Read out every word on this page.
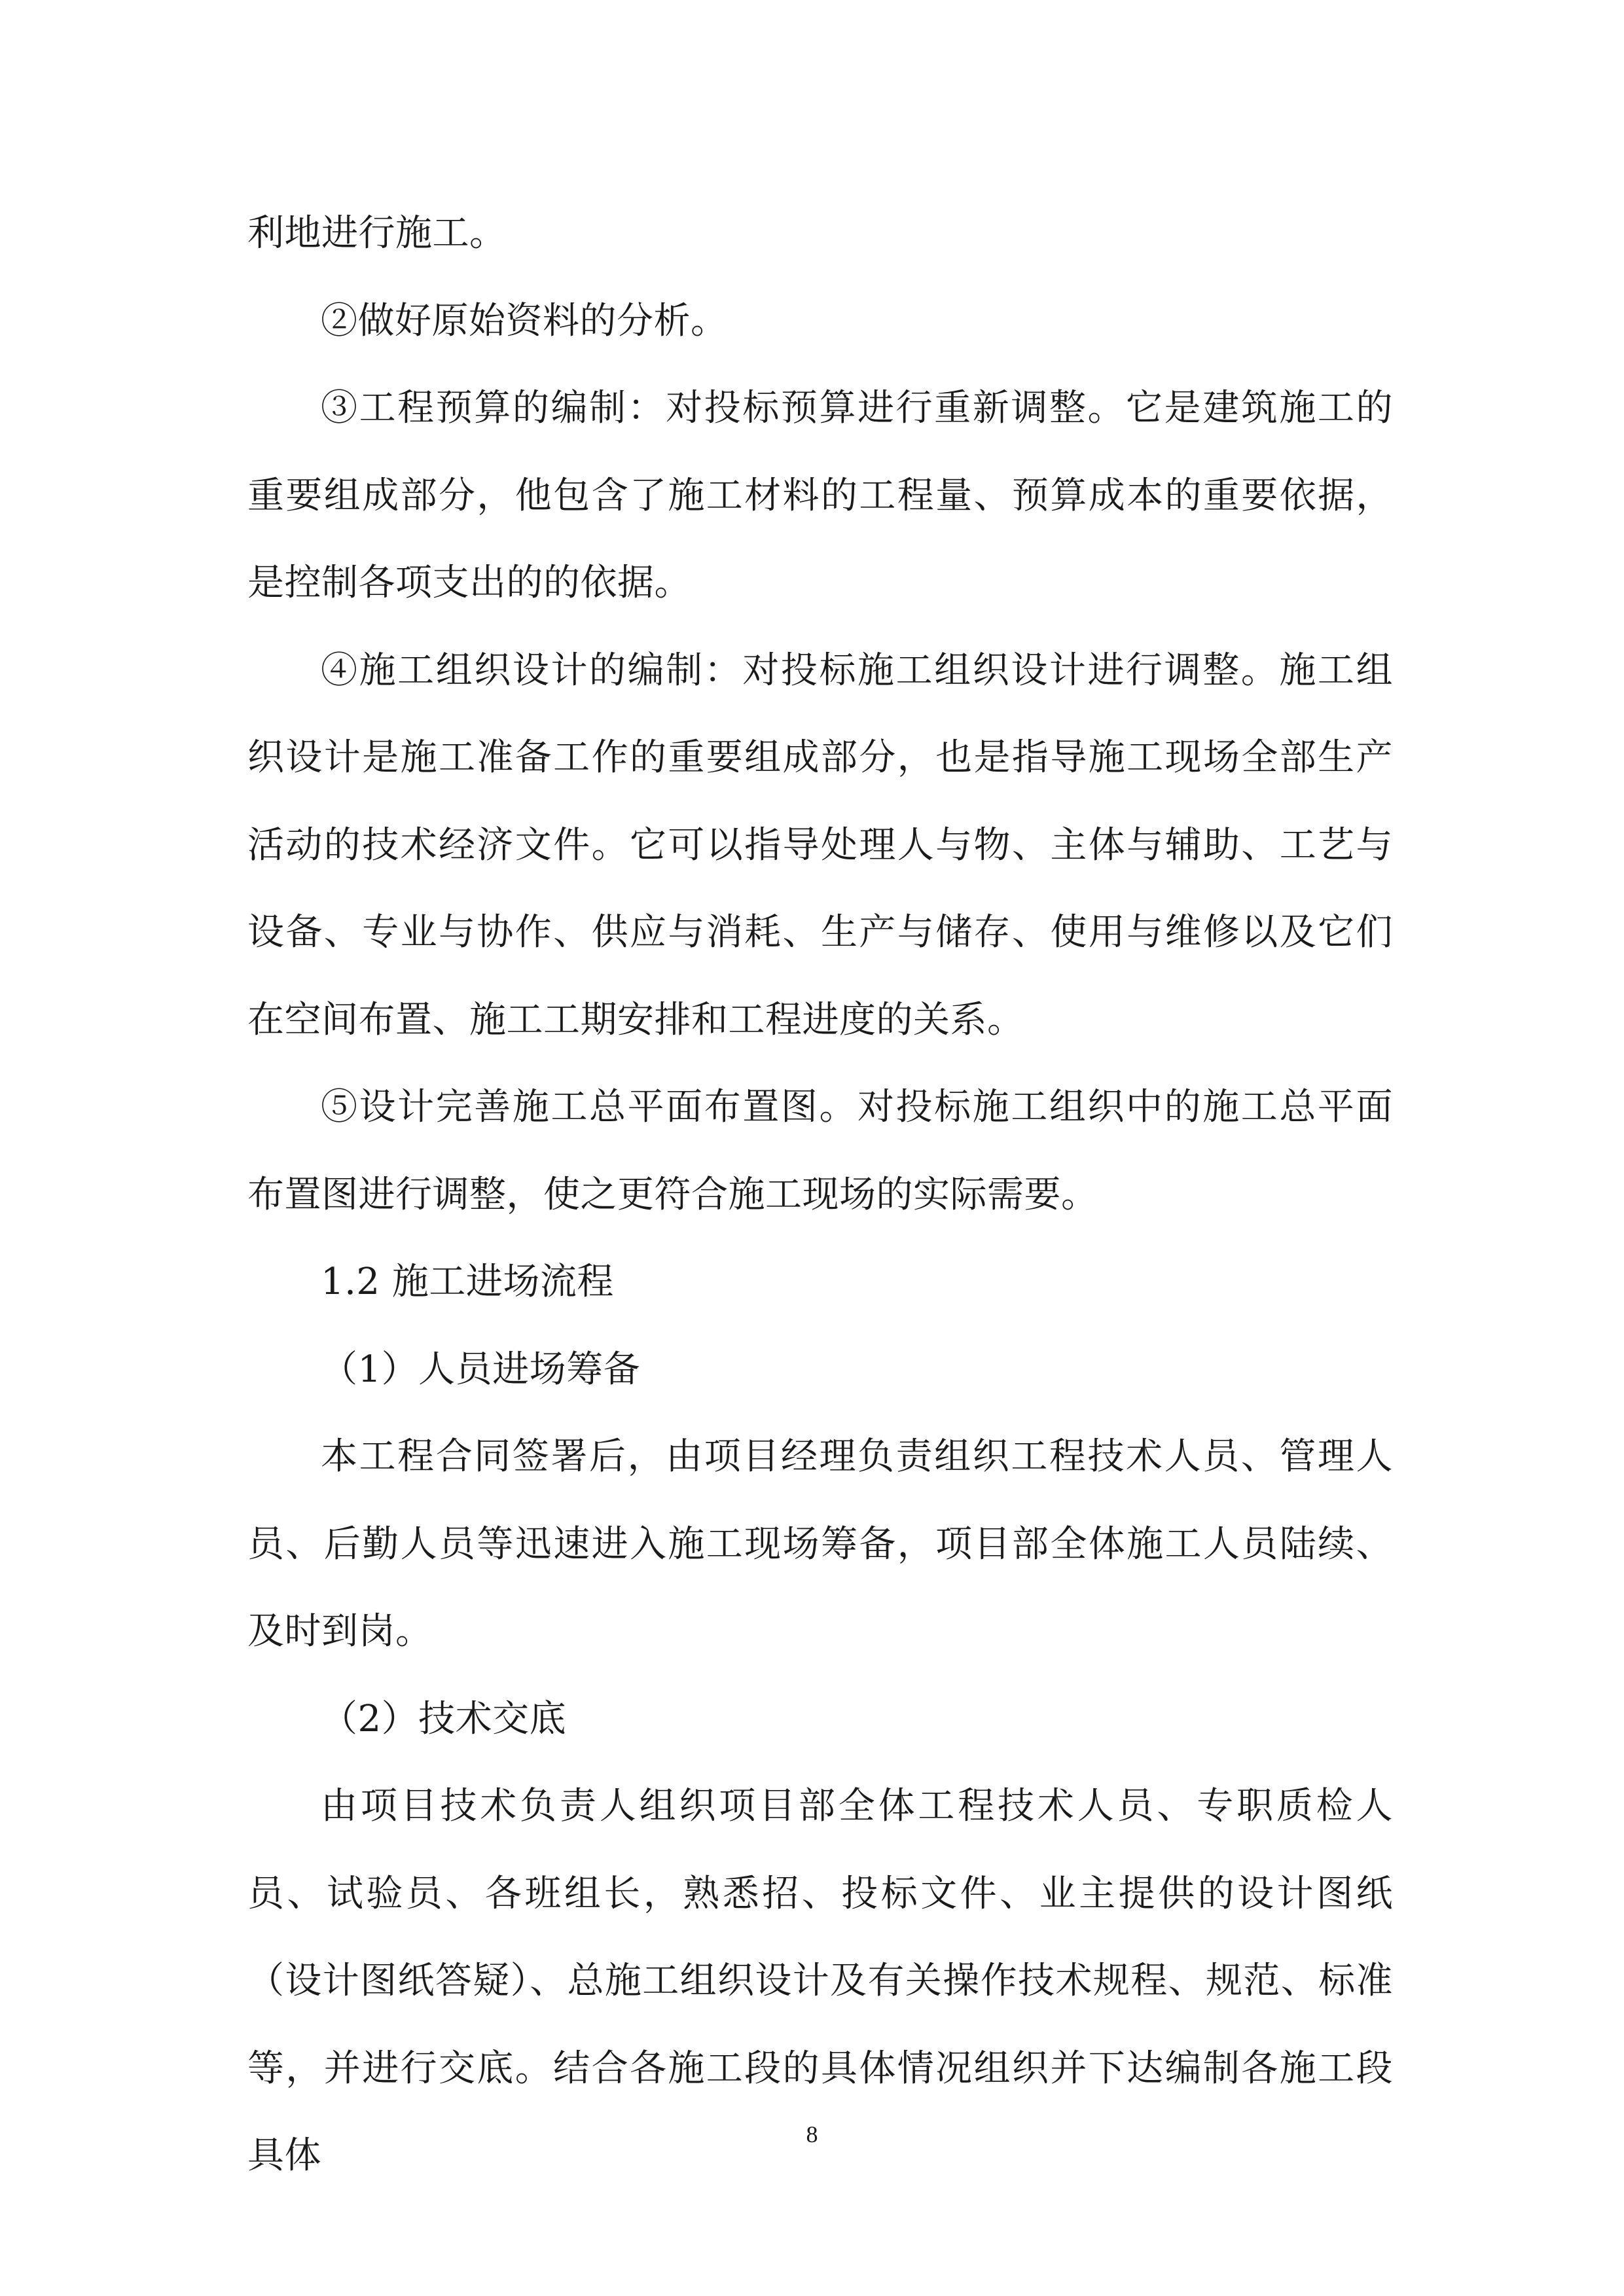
利地进行施工。

②做好原始资料的分析。

③工程预算的编制：对投标预算进行重新调整。它是建筑施工的重要组成部分，他包含了施工材料的工程量、预算成本的重要依据，是控制各项支出的的依据。

④施工组织设计的编制：对投标施工组织设计进行调整。施工组织设计是施工准备工作的重要组成部分，也是指导施工现场全部生产活动的技术经济文件。它可以指导处理人与物、主体与辅助、工艺与设备、专业与协作、供应与消耗、生产与储存、使用与维修以及它们在空间布置、施工工期安排和工程进度的关系。

⑤设计完善施工总平面布置图。对投标施工组织中的施工总平面布置图进行调整，使之更符合施工现场的实际需要。

1.2 施工进场流程

（1）人员进场筹备

本工程合同签署后，由项目经理负责组织工程技术人员、管理人员、后勤人员等迅速进入施工现场筹备，项目部全体施工人员陆续、及时到岗。

（2）技术交底

由项目技术负责人组织项目部全体工程技术人员、专职质检人员、试验员、各班组长，熟悉招、投标文件、业主提供的设计图纸（设计图纸答疑）、总施工组织设计及有关操作技术规程、规范、标准等，并进行交底。结合各施工段的具体情况组织并下达编制各施工段具体	8
